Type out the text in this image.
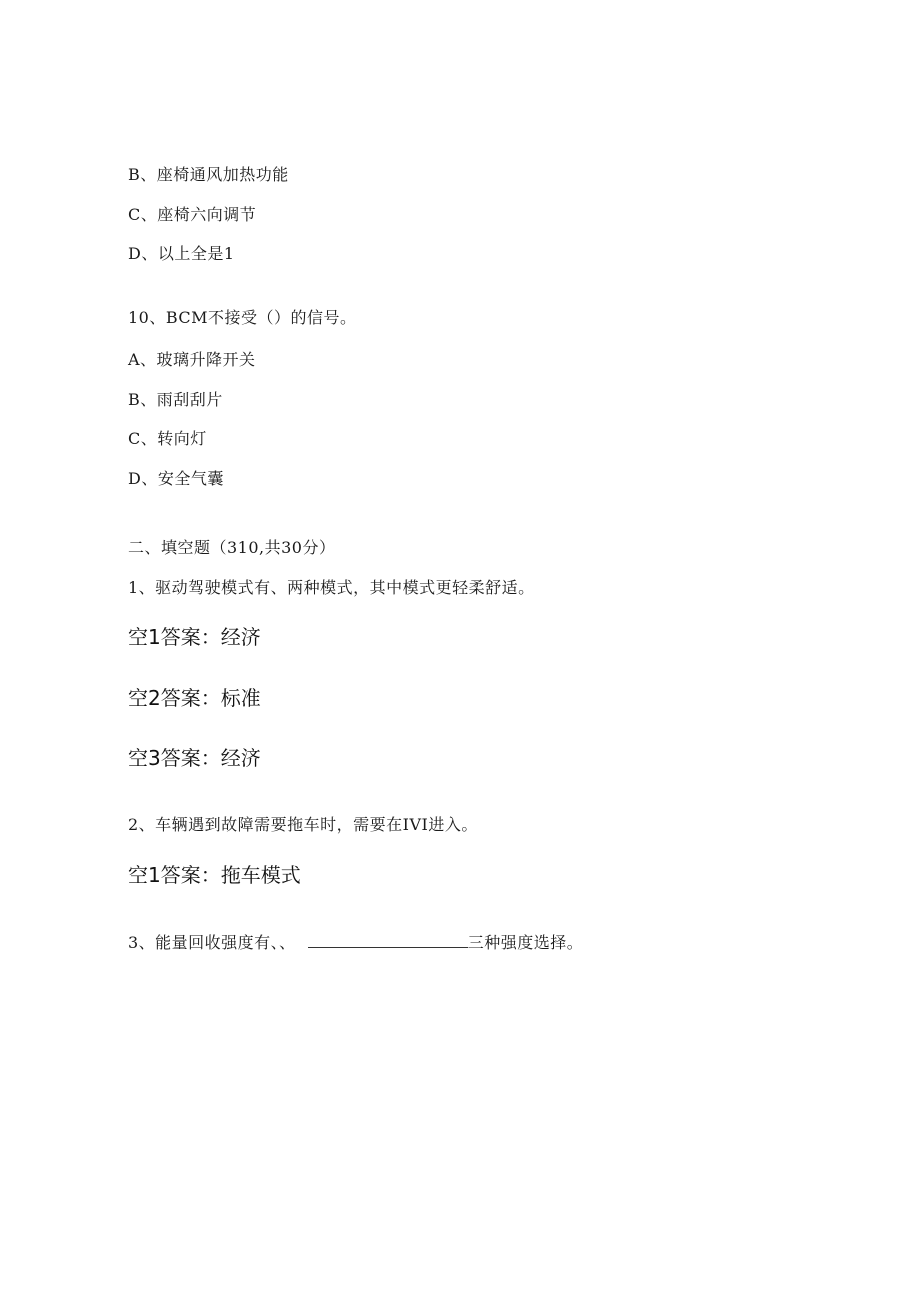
B、座椅通风加热功能
C、座椅六向调节
D、以上全是1
10、BCM不接受（）的信号。
A、玻璃升降开关
B、雨刮刮片
C、转向灯
D、安全气囊
二、填空题（310,共30分）
1、驱动驾驶模式有、两种模式，其中模式更轻柔舒适。
空1答案：经济
空2答案：标准
空3答案：经济
2、车辆遇到故障需要拖车时，需要在IVI进入。
空1答案：拖车模式
3、能量回收强度有、、	三种强度选择。
